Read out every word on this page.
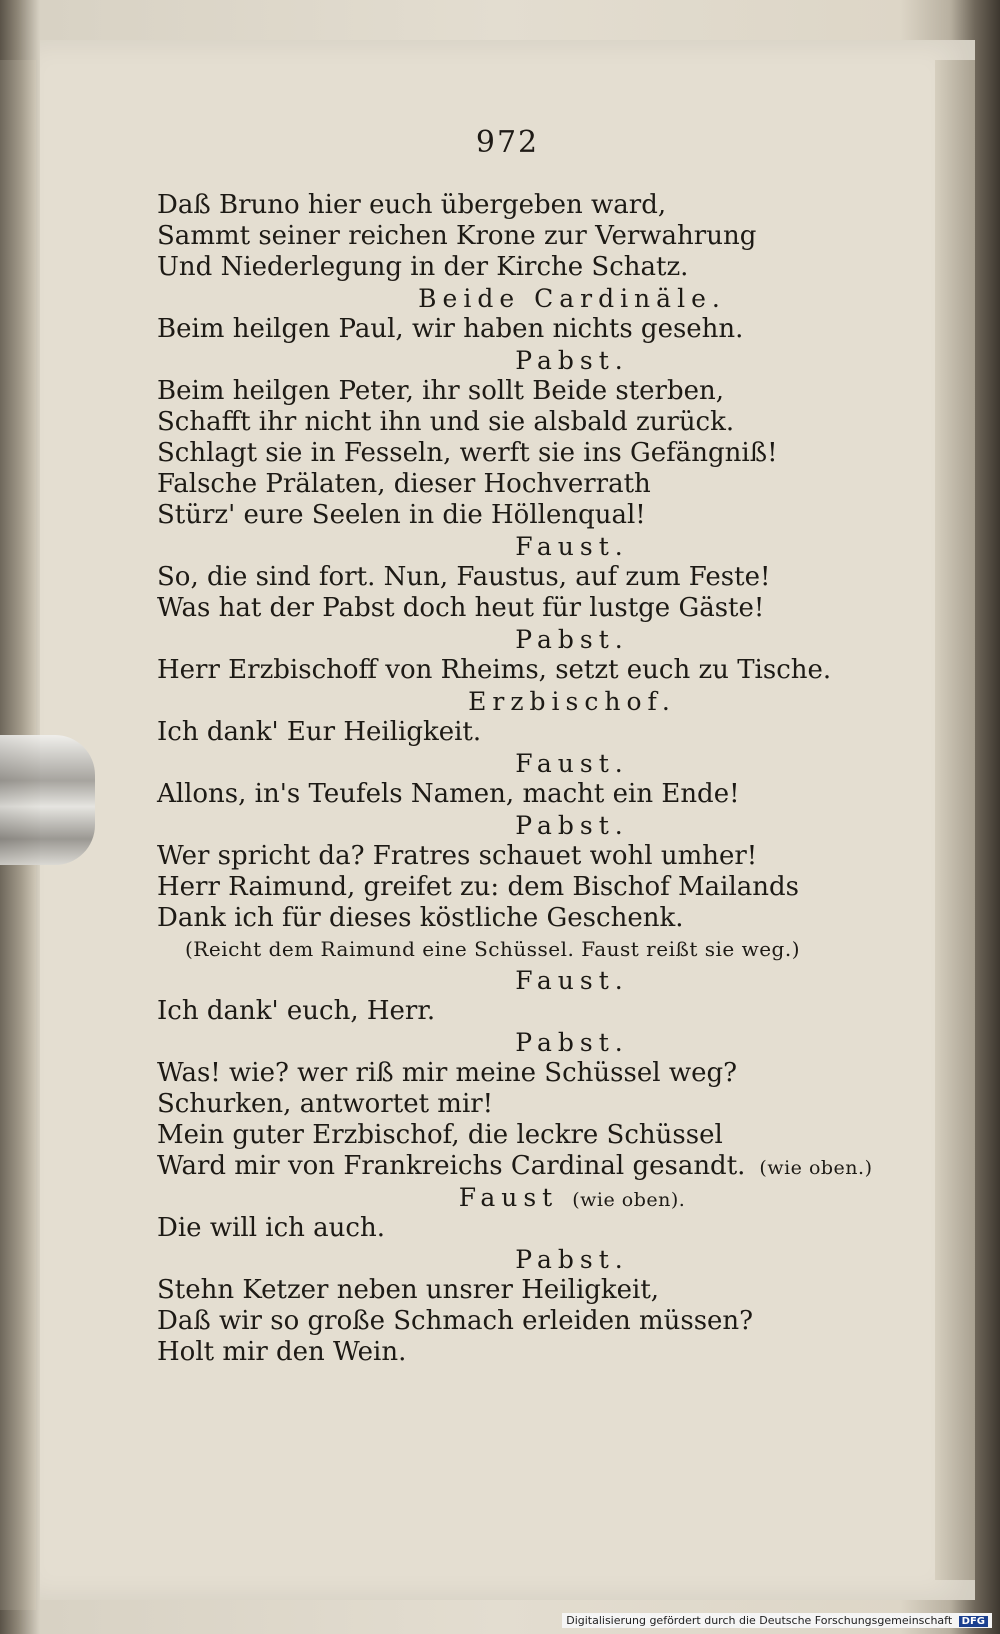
972
Daß Bruno hier euch übergeben ward,
Sammt seiner reichen Krone zur Verwahrung
Und Niederlegung in der Kirche Schatz.
Beide Cardinäle.
Beim heilgen Paul, wir haben nichts gesehn.
Pabst.
Beim heilgen Peter, ihr sollt Beide sterben,
Schafft ihr nicht ihn und sie alsbald zurück.
Schlagt sie in Fesseln, werft sie ins Gefängniß!
Falsche Prälaten, dieser Hochverrath
Stürz' eure Seelen in die Höllenqual!
Faust.
So, die sind fort. Nun, Faustus, auf zum Feste!
Was hat der Pabst doch heut für lustge Gäste!
Pabst.
Herr Erzbischoff von Rheims, setzt euch zu Tische.
Erzbischof.
Ich dank' Eur Heiligkeit.
Faust.
Allons, in's Teufels Namen, macht ein Ende!
Pabst.
Wer spricht da? Fratres schauet wohl umher!
Herr Raimund, greifet zu: dem Bischof Mailands
Dank ich für dieses köstliche Geschenk.
(Reicht dem Raimund eine Schüssel. Faust reißt sie weg.)
Faust.
Ich dank' euch, Herr.
Pabst.
Was! wie? wer riß mir meine Schüssel weg?
Schurken, antwortet mir!
Mein guter Erzbischof, die leckre Schüssel
Ward mir von Frankreichs Cardinal gesandt. (wie oben.)
Faust (wie oben).
Die will ich auch.
Pabst.
Stehn Ketzer neben unsrer Heiligkeit,
Daß wir so große Schmach erleiden müssen?
Holt mir den Wein.
Digitalisierung gefördert durch die Deutsche Forschungsgemeinschaft DFG
